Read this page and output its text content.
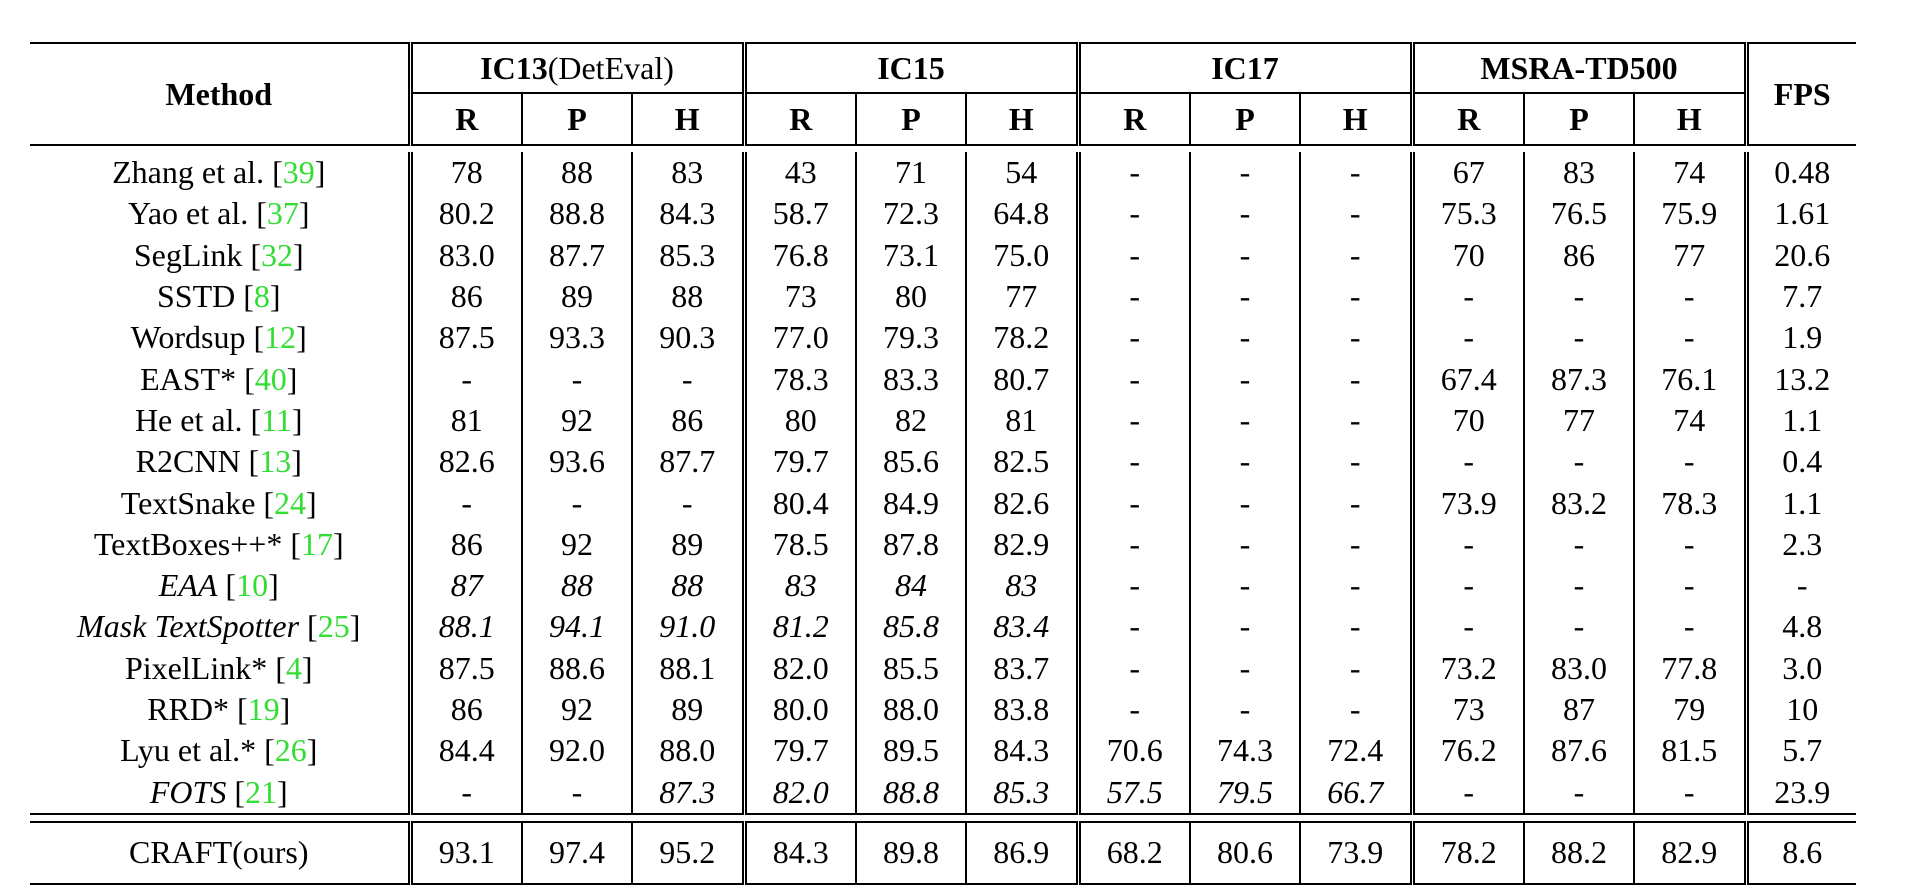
Method	IC13(DetEval)			IC15			IC17			MSRA-TD500			FPS
	R	P	H	R	P	H	R	P	H	R	P	H	

Zhang et al. [39]	78	88	83	43	71	54	-	-	-	67	83	74	0.48
Yao et al. [37]	80.2	88.8	84.3	58.7	72.3	64.8	-	-	-	75.3	76.5	75.9	1.61
SegLink [32]	83.0	87.7	85.3	76.8	73.1	75.0	-	-	-	70	86	77	20.6
SSTD [8]	86	89	88	73	80	77	-	-	-	-	-	-	7.7
Wordsup [12]	87.5	93.3	90.3	77.0	79.3	78.2	-	-	-	-	-	-	1.9
EAST* [40]	-	-	-	78.3	83.3	80.7	-	-	-	67.4	87.3	76.1	13.2
He et al. [11]	81	92	86	80	82	81	-	-	-	70	77	74	1.1
R2CNN [13]	82.6	93.6	87.7	79.7	85.6	82.5	-	-	-	-	-	-	0.4
TextSnake [24]	-	-	-	80.4	84.9	82.6	-	-	-	73.9	83.2	78.3	1.1
TextBoxes++* [17]	86	92	89	78.5	87.8	82.9	-	-	-	-	-	-	2.3
EAA [10]	87	88	88	83	84	83	-	-	-	-	-	-	-
Mask TextSpotter [25]	88.1	94.1	91.0	81.2	85.8	83.4	-	-	-	-	-	-	4.8
PixelLink* [4]	87.5	88.6	88.1	82.0	85.5	83.7	-	-	-	73.2	83.0	77.8	3.0
RRD* [19]	86	92	89	80.0	88.0	83.8	-	-	-	73	87	79	10
Lyu et al.* [26]	84.4	92.0	88.0	79.7	89.5	84.3	70.6	74.3	72.4	76.2	87.6	81.5	5.7
FOTS [21]	-	-	87.3	82.0	88.8	85.3	57.5	79.5	66.7	-	-	-	23.9

CRAFT(ours)	93.1	97.4	95.2	84.3	89.8	86.9	68.2	80.6	73.9	78.2	88.2	82.9	8.6
